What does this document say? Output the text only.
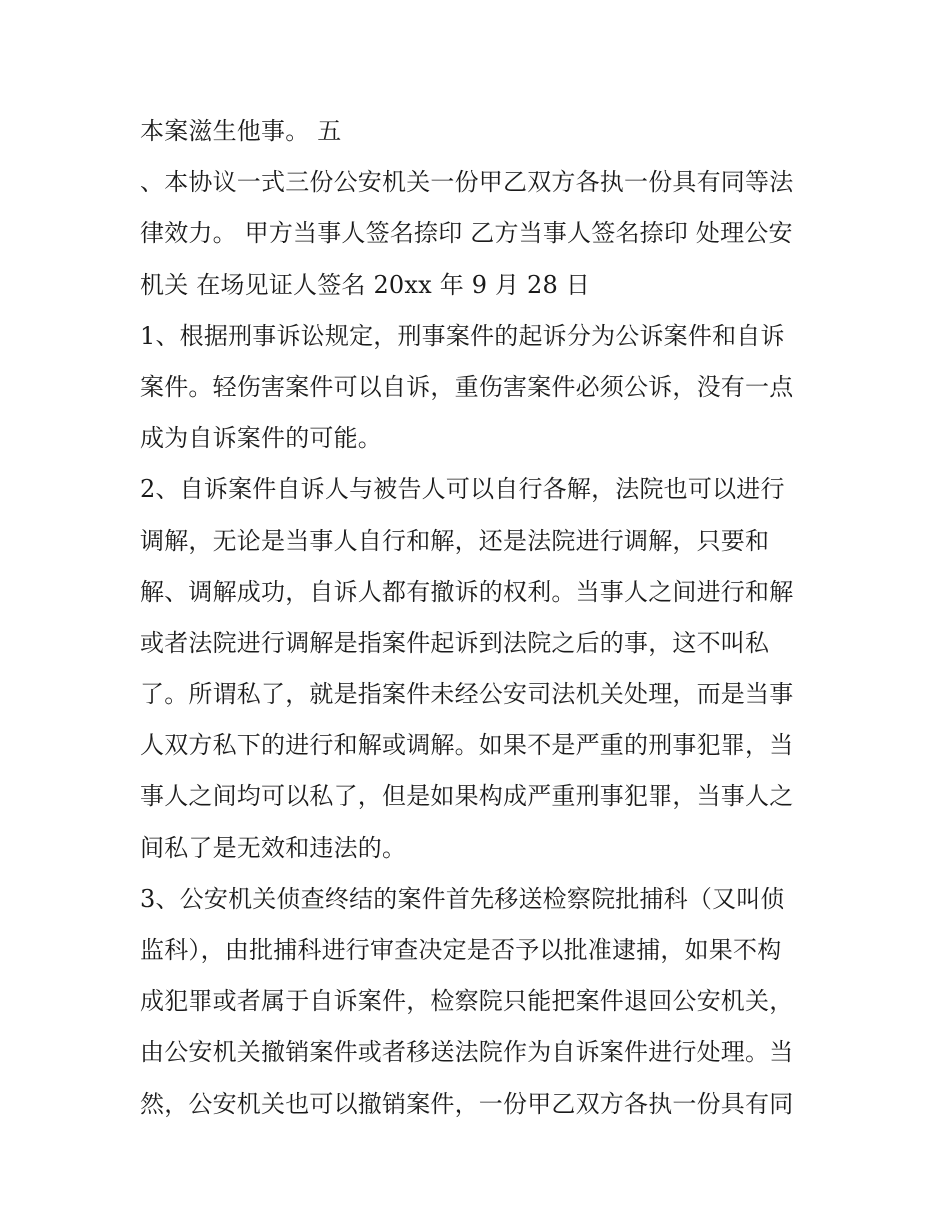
本案滋生他事。 五
、本协议一式三份公安机关一份甲乙双方各执一份具有同等法
律效力。 甲方当事人签名捺印 乙方当事人签名捺印 处理公安
机关 在场见证人签名 20xx 年 9 月 28 日
1、根据刑事诉讼规定，刑事案件的起诉分为公诉案件和自诉
案件。轻伤害案件可以自诉，重伤害案件必须公诉，没有一点
成为自诉案件的可能。
2、自诉案件自诉人与被告人可以自行各解，法院也可以进行
调解，无论是当事人自行和解，还是法院进行调解，只要和
解、调解成功，自诉人都有撤诉的权利。当事人之间进行和解
或者法院进行调解是指案件起诉到法院之后的事，这不叫私
了。所谓私了，就是指案件未经公安司法机关处理，而是当事
人双方私下的进行和解或调解。如果不是严重的刑事犯罪，当
事人之间均可以私了，但是如果构成严重刑事犯罪，当事人之
间私了是无效和违法的。
3、公安机关侦查终结的案件首先移送检察院批捕科（又叫侦
监科），由批捕科进行审查决定是否予以批准逮捕，如果不构
成犯罪或者属于自诉案件，检察院只能把案件退回公安机关，
由公安机关撤销案件或者移送法院作为自诉案件进行处理。当
然，公安机关也可以撤销案件，一份甲乙双方各执一份具有同
